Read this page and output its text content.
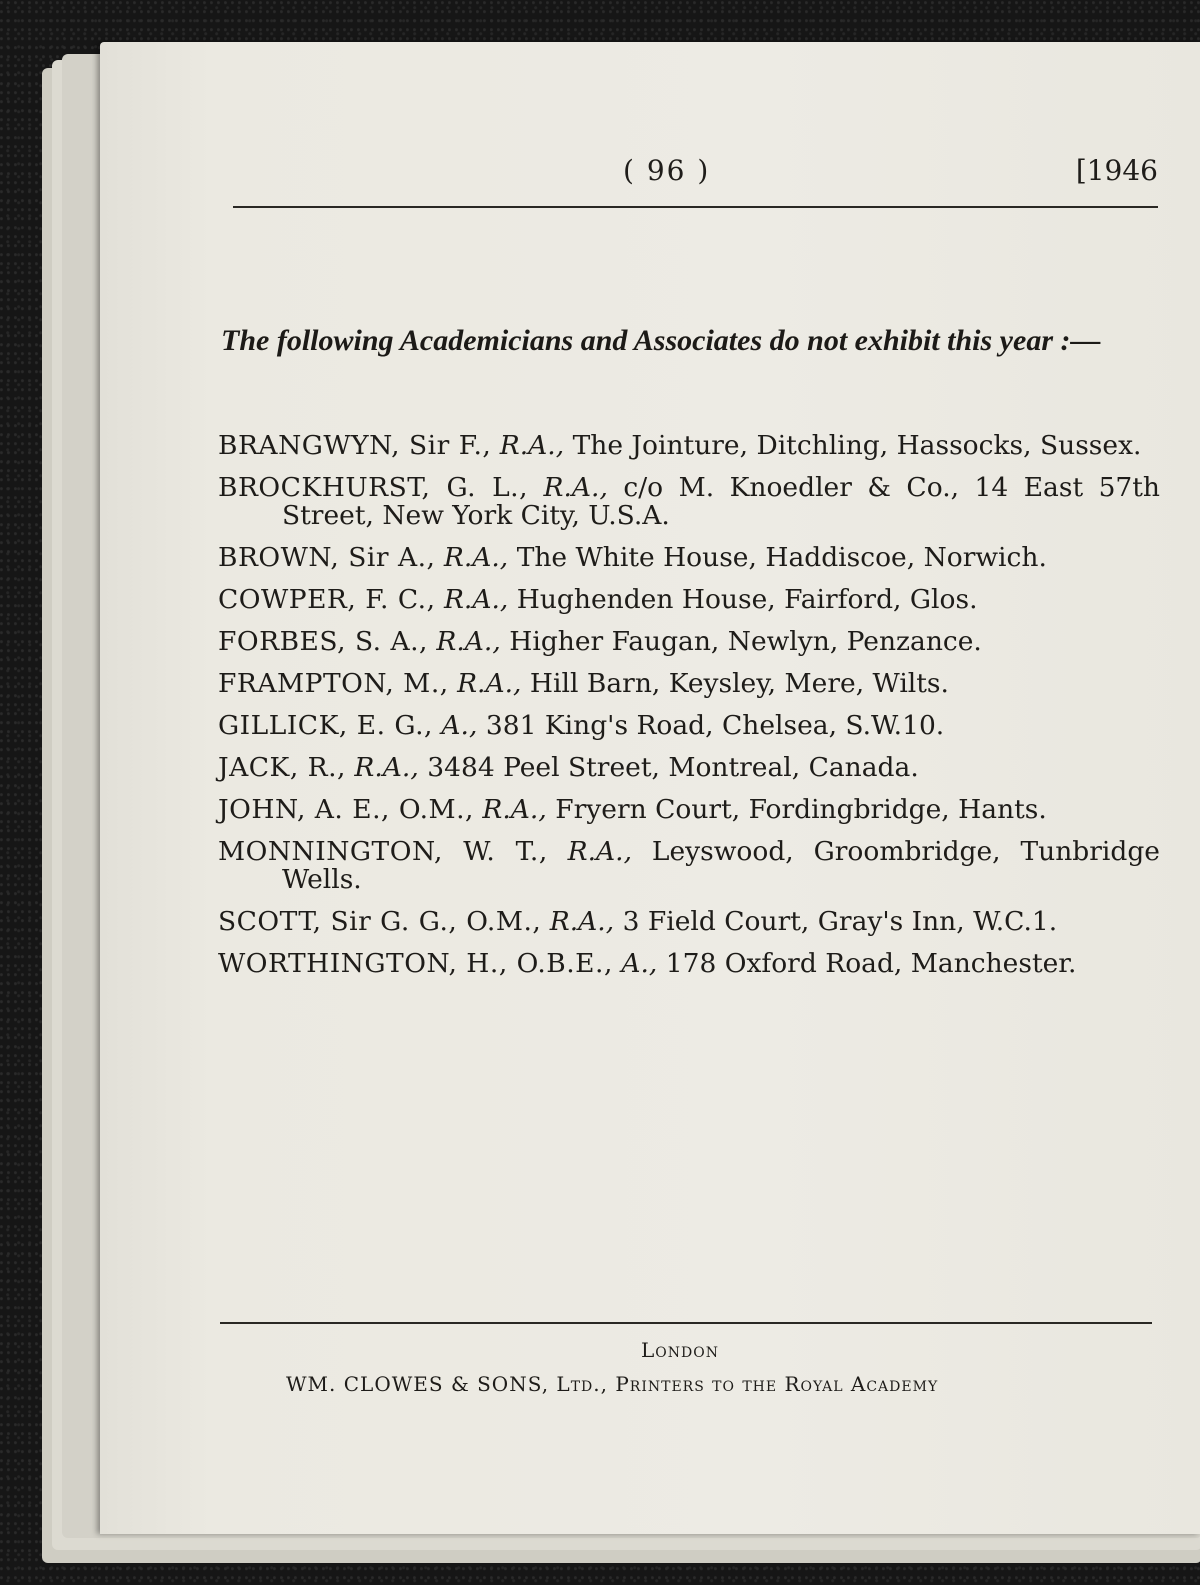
( 96 )	[1946
The following Academicians and Associates do not exhibit this year :—
BRANGWYN, Sir F., R.A., The Jointure, Ditchling, Hassocks, Sussex.
BROCKHURST, G. L., R.A., c/o M. Knoedler & Co., 14 East 57th Street, New York City, U.S.A.
BROWN, Sir A., R.A., The White House, Haddiscoe, Norwich.
COWPER, F. C., R.A., Hughenden House, Fairford, Glos.
FORBES, S. A., R.A., Higher Faugan, Newlyn, Penzance.
FRAMPTON, M., R.A., Hill Barn, Keysley, Mere, Wilts.
GILLICK, E. G., A., 381 King's Road, Chelsea, S.W.10.
JACK, R., R.A., 3484 Peel Street, Montreal, Canada.
JOHN, A. E., O.M., R.A., Fryern Court, Fordingbridge, Hants.
MONNINGTON, W. T., R.A., Leyswood, Groombridge, Tunbridge Wells.
SCOTT, Sir G. G., O.M., R.A., 3 Field Court, Gray's Inn, W.C.1.
WORTHINGTON, H., O.B.E., A., 178 Oxford Road, Manchester.
London
WM. CLOWES & SONS, Ltd., Printers to the Royal Academy
